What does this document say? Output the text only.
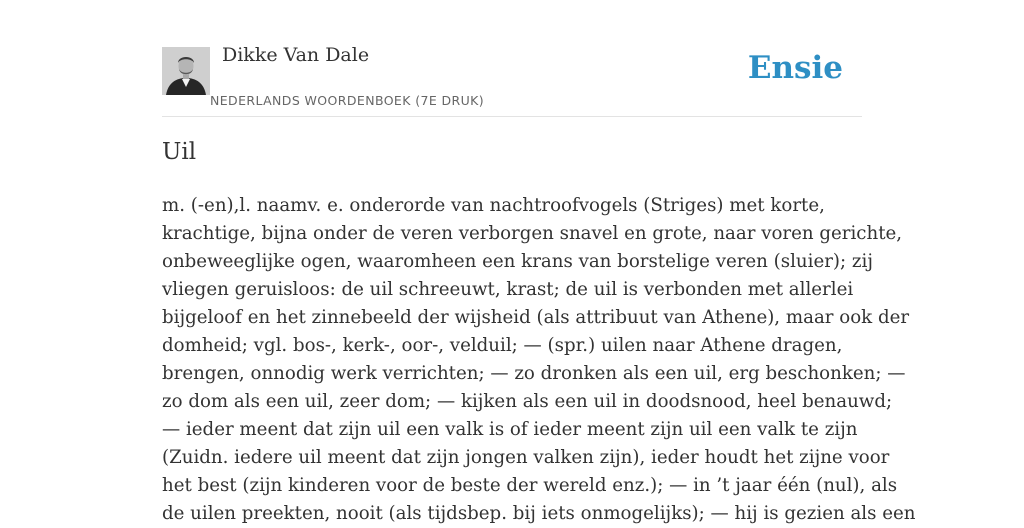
Dikke Van Dale
NEDERLANDS WOORDENBOEK (7E DRUK)
Ensie
Uil
m. (-en),l. naamv. e. onderorde van nachtroofvogels (Striges) met korte,
krachtige, bijna onder de veren verborgen snavel en grote, naar voren gerichte,
onbeweeglijke ogen, waaromheen een krans van borstelige veren (sluier); zij
vliegen geruisloos: de uil schreeuwt, krast; de uil is verbonden met allerlei
bijgeloof en het zinnebeeld der wijsheid (als attribuut van Athene), maar ook der
domheid; vgl. bos-, kerk-, oor-, velduil; — (spr.) uilen naar Athene dragen,
brengen, onnodig werk verrichten; — zo dronken als een uil, erg beschonken; —
zo dom als een uil, zeer dom; — kijken als een uil in doodsnood, heel benauwd;
— ieder meent dat zijn uil een valk is of ieder meent zijn uil een valk te zijn
(Zuidn. iedere uil meent dat zijn jongen valken zijn), ieder houdt het zijne voor
het best (zijn kinderen voor de beste der wereld enz.); — in ’t jaar één (nul), als
de uilen preekten, nooit (als tijdsbep. bij iets onmogelijks); — hij is gezien als een
